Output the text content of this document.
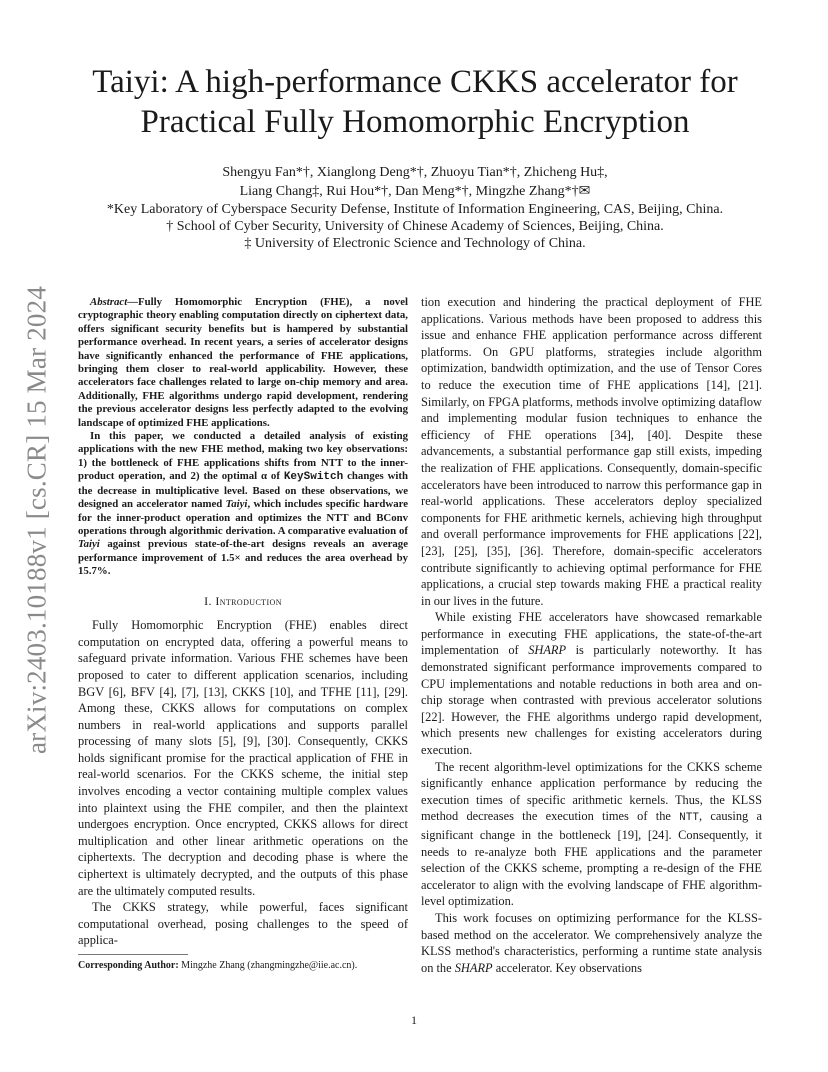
arXiv:2403.10188v1 [cs.CR] 15 Mar 2024
Taiyi: A high-performance CKKS accelerator for
Practical Fully Homomorphic Encryption
Shengyu Fan*†, Xianglong Deng*†, Zhuoyu Tian*†, Zhicheng Hu‡,
Liang Chang‡, Rui Hou*†, Dan Meng*†, Mingzhe Zhang*†✉
*Key Laboratory of Cyberspace Security Defense, Institute of Information Engineering, CAS, Beijing, China.
† School of Cyber Security, University of Chinese Academy of Sciences, Beijing, China.
‡ University of Electronic Science and Technology of China.

Abstract—Fully Homomorphic Encryption (FHE), a novel cryptographic theory enabling computation directly on ciphertext data, offers significant security benefits but is hampered by substantial performance overhead. In recent years, a series of accelerator designs have significantly enhanced the performance of FHE applications, bringing them closer to real-world applicability. However, these accelerators face challenges related to large on-chip memory and area. Additionally, FHE algorithms undergo rapid development, rendering the previous accelerator designs less perfectly adapted to the evolving landscape of optimized FHE applications.

In this paper, we conducted a detailed analysis of existing applications with the new FHE method, making two key observations: 1) the bottleneck of FHE applications shifts from NTT to the inner-product operation, and 2) the optimal α of KeySwitch changes with the decrease in multiplicative level. Based on these observations, we designed an accelerator named Taiyi, which includes specific hardware for the inner-product operation and optimizes the NTT and BConv operations through algorithmic derivation. A comparative evaluation of Taiyi against previous state-of-the-art designs reveals an average performance improvement of 1.5× and reduces the area overhead by 15.7%.

I. Introduction

Fully Homomorphic Encryption (FHE) enables direct computation on encrypted data, offering a powerful means to safeguard private information. Various FHE schemes have been proposed to cater to different application scenarios, including BGV [6], BFV [4], [7], [13], CKKS [10], and TFHE [11], [29]. Among these, CKKS allows for computations on complex numbers in real-world applications and supports parallel processing of many slots [5], [9], [30]. Consequently, CKKS holds significant promise for the practical application of FHE in real-world scenarios. For the CKKS scheme, the initial step involves encoding a vector containing multiple complex values into plaintext using the FHE compiler, and then the plaintext undergoes encryption. Once encrypted, CKKS allows for direct multiplication and other linear arithmetic operations on the ciphertexts. The decryption and decoding phase is where the ciphertext is ultimately decrypted, and the outputs of this phase are the ultimately computed results.

The CKKS strategy, while powerful, faces significant computational overhead, posing challenges to the speed of applica-

tion execution and hindering the practical deployment of FHE applications. Various methods have been proposed to address this issue and enhance FHE application performance across different platforms. On GPU platforms, strategies include algorithm optimization, bandwidth optimization, and the use of Tensor Cores to reduce the execution time of FHE applications [14], [21]. Similarly, on FPGA platforms, methods involve optimizing dataflow and implementing modular fusion techniques to enhance the efficiency of FHE operations [34], [40]. Despite these advancements, a substantial performance gap still exists, impeding the realization of FHE applications. Consequently, domain-specific accelerators have been introduced to narrow this performance gap in real-world applications. These accelerators deploy specialized components for FHE arithmetic kernels, achieving high throughput and overall performance improvements for FHE applications [22], [23], [25], [35], [36]. Therefore, domain-specific accelerators contribute significantly to achieving optimal performance for FHE applications, a crucial step towards making FHE a practical reality in our lives in the future.

While existing FHE accelerators have showcased remarkable performance in executing FHE applications, the state-of-the-art implementation of SHARP is particularly noteworthy. It has demonstrated significant performance improvements compared to CPU implementations and notable reductions in both area and on-chip storage when contrasted with previous accelerator solutions [22]. However, the FHE algorithms undergo rapid development, which presents new challenges for existing accelerators during execution.

The recent algorithm-level optimizations for the CKKS scheme significantly enhance application performance by reducing the execution times of specific arithmetic kernels. Thus, the KLSS method decreases the execution times of the NTT, causing a significant change in the bottleneck [19], [24]. Consequently, it needs to re-analyze both FHE applications and the parameter selection of the CKKS scheme, prompting a re-design of the FHE accelerator to align with the evolving landscape of FHE algorithm-level optimization.

This work focuses on optimizing performance for the KLSS-based method on the accelerator. We comprehensively analyze the KLSS method's characteristics, performing a runtime state analysis on the SHARP accelerator. Key observations

Corresponding Author: Mingzhe Zhang (zhangmingzhe@iie.ac.cn).
1
